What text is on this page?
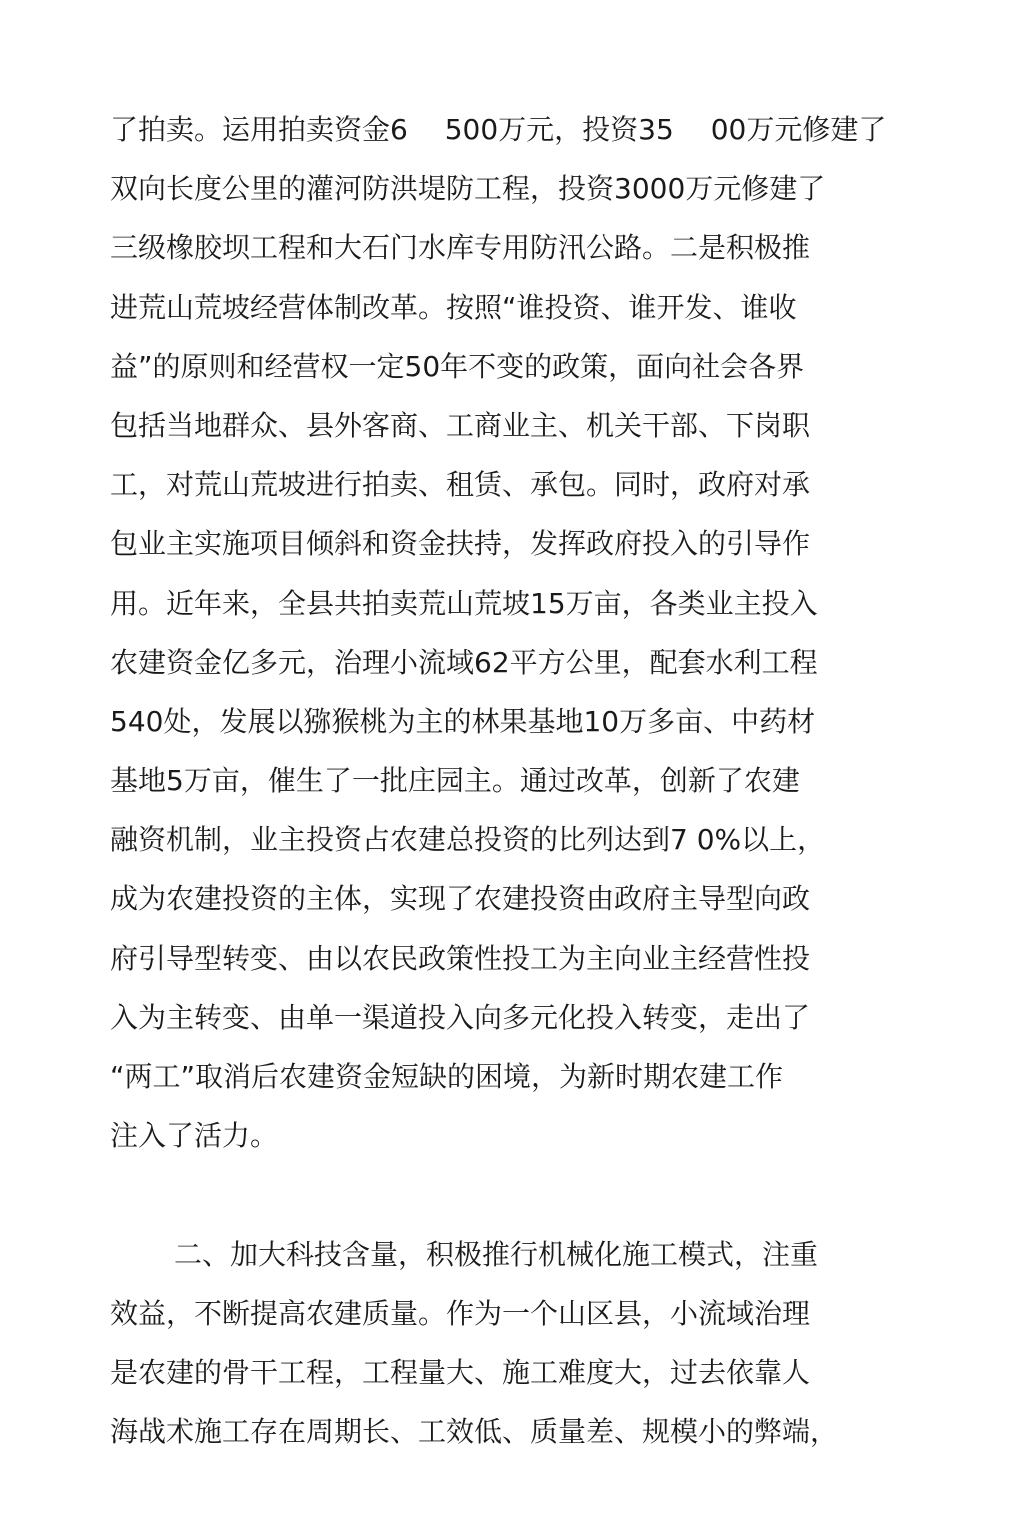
了拍卖。运用拍卖资金6　 500万元，投资35　 00万元修建了
双向长度公里的灌河防洪堤防工程，投资3000万元修建了
三级橡胶坝工程和大石门水库专用防汛公路。二是积极推
进荒山荒坡经营体制改革。按照“谁投资、谁开发、谁收
益”的原则和经营权一定50年不变的政策，面向社会各界
包括当地群众、县外客商、工商业主、机关干部、下岗职
工，对荒山荒坡进行拍卖、租赁、承包。同时，政府对承
包业主实施项目倾斜和资金扶持，发挥政府投入的引导作
用。近年来，全县共拍卖荒山荒坡15万亩，各类业主投入
农建资金亿多元，治理小流域62平方公里，配套水利工程
540处，发展以猕猴桃为主的林果基地10万多亩、中药材
基地5万亩，催生了一批庄园主。通过改革，创新了农建
融资机制，业主投资占农建总投资的比列达到7 0%以上，
成为农建投资的主体，实现了农建投资由政府主导型向政
府引导型转变、由以农民政策性投工为主向业主经营性投
入为主转变、由单一渠道投入向多元化投入转变，走出了
“两工”取消后农建资金短缺的困境，为新时期农建工作
注入了活力。
二、加大科技含量，积极推行机械化施工模式，注重
效益，不断提高农建质量。作为一个山区县，小流域治理
是农建的骨干工程，工程量大、施工难度大，过去依靠人
海战术施工存在周期长、工效低、质量差、规模小的弊端，
